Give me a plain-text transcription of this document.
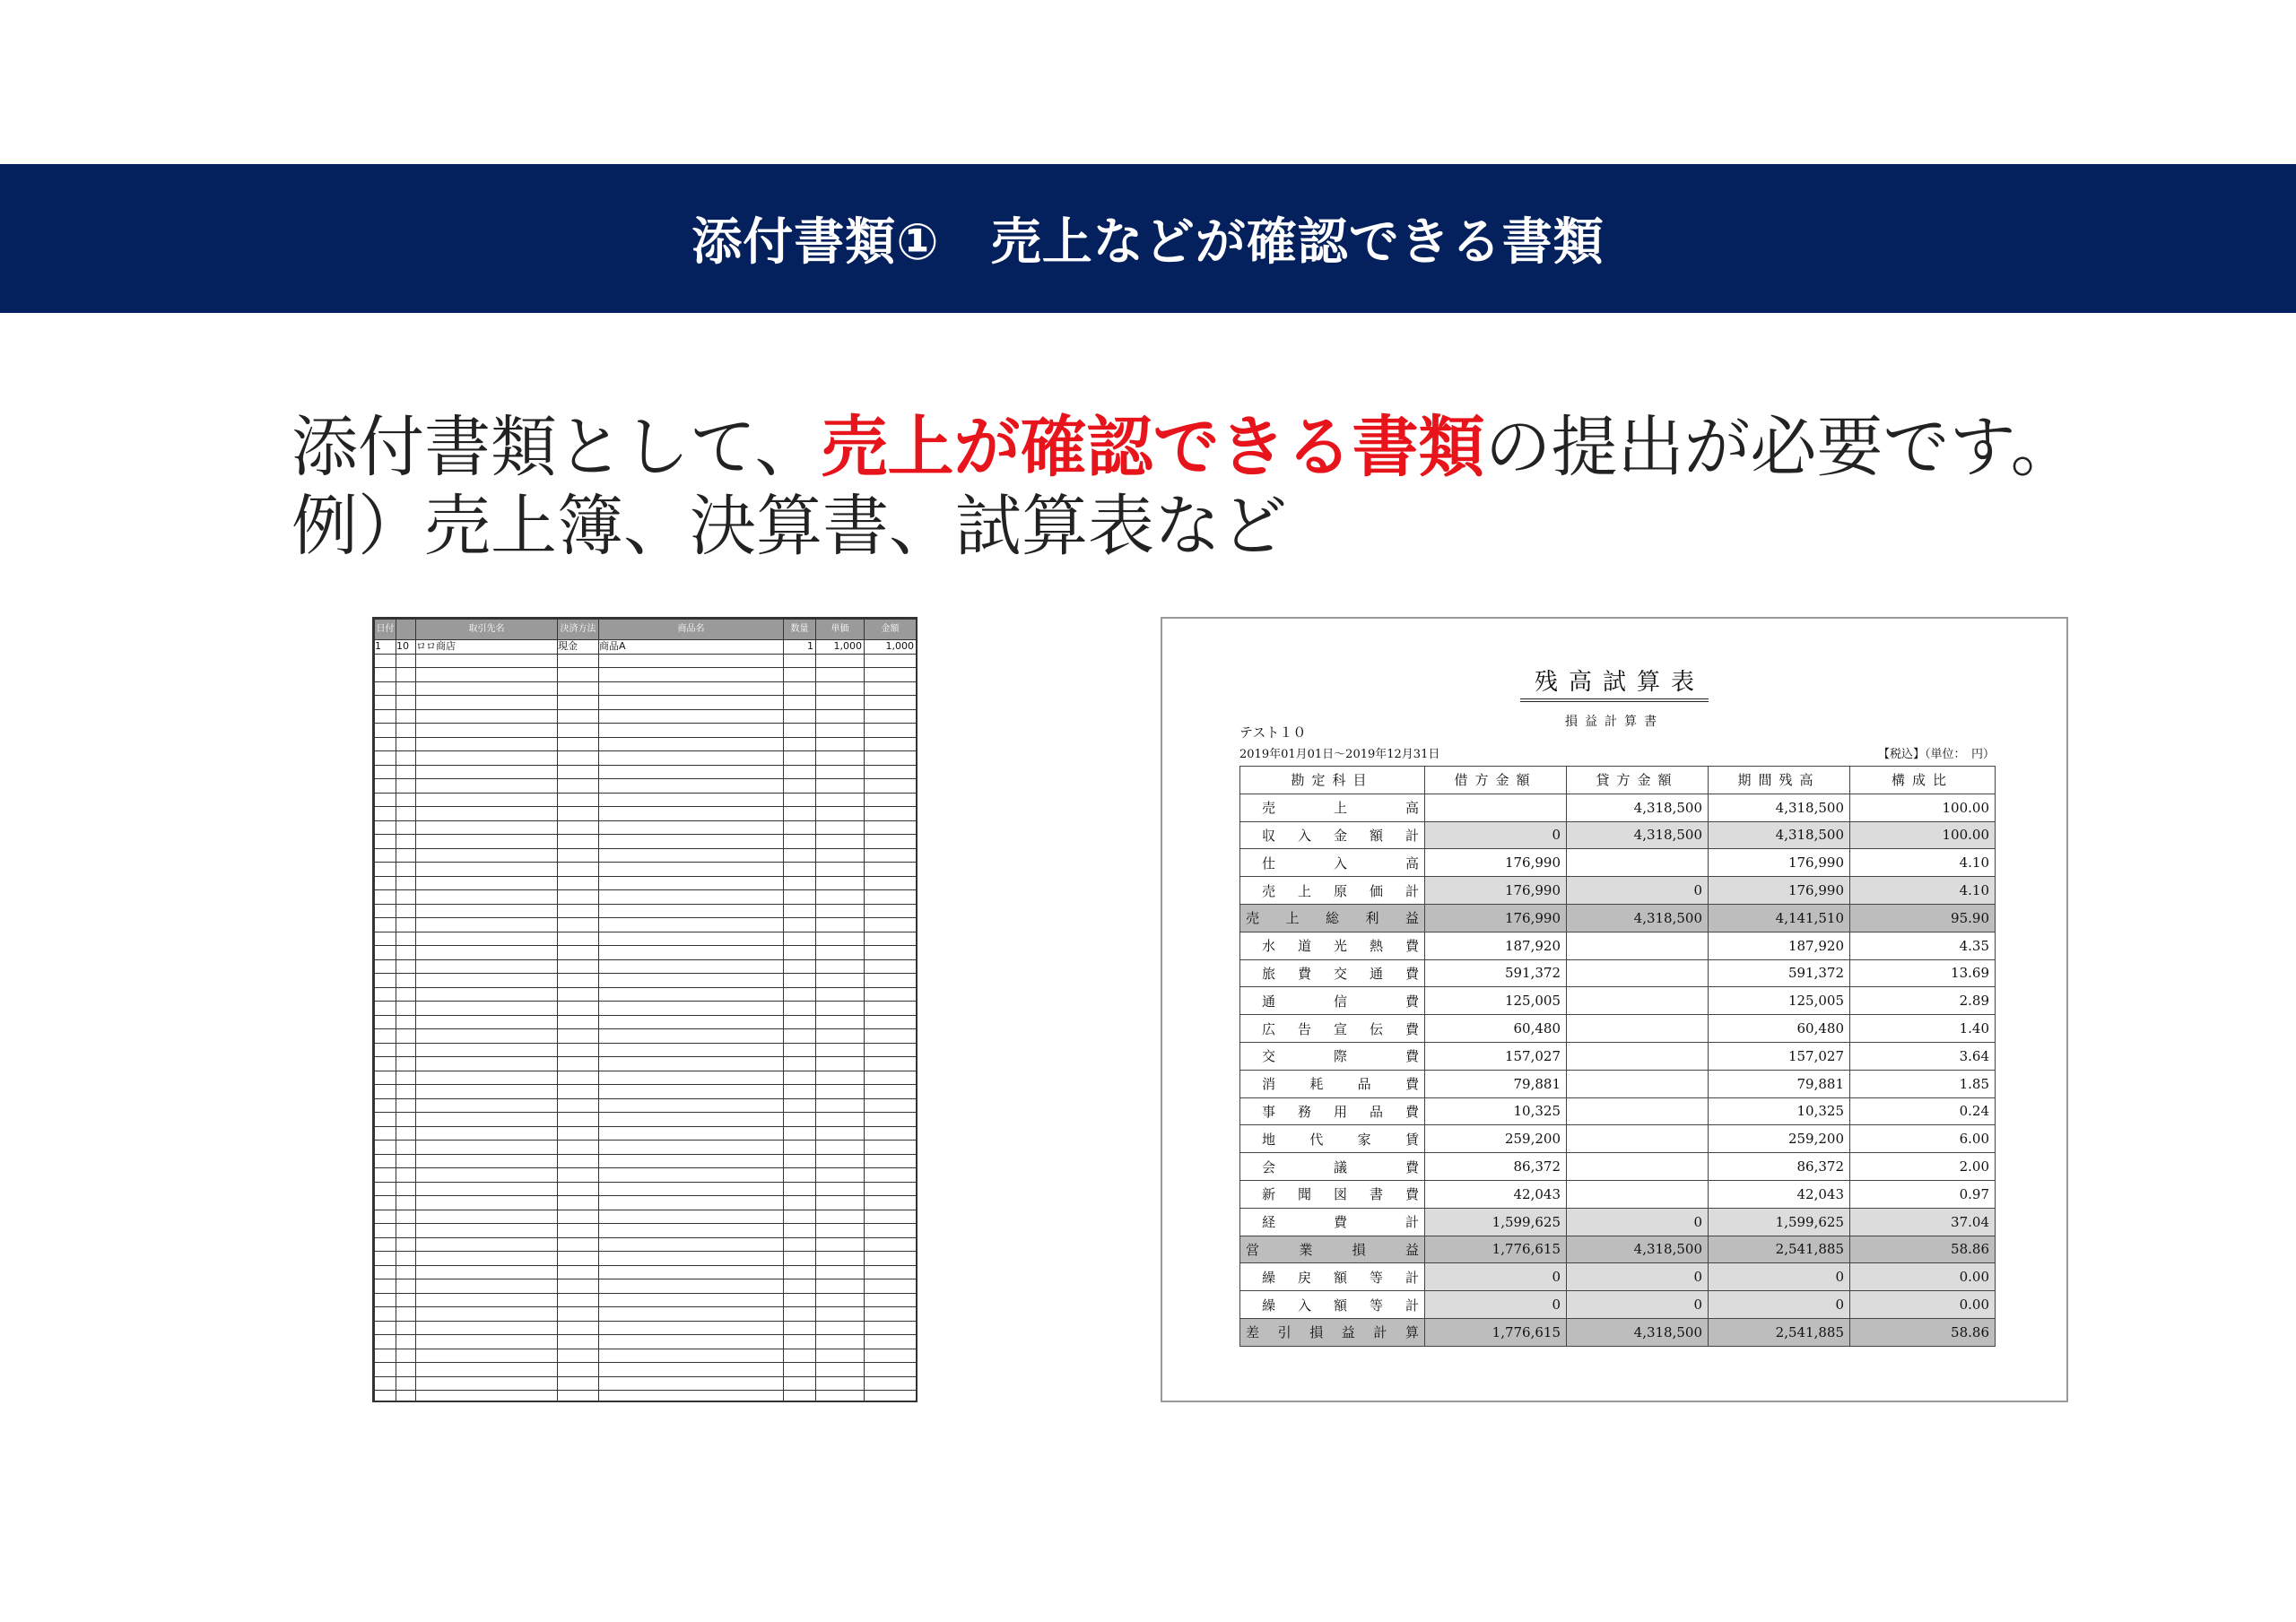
添付書類①　売上などが確認できる書類
添付書類として、売上が確認できる書類の提出が必要です。
例）売上簿、決算書、試算表など
日付		取引先名	決済方法	商品名	数量	単価	金額
1	10	ロロ商店	現金	商品A	1	1,000	1,000

残高試算表
損益計算書
テスト１０
2019年01月01日～2019年12月31日	【税込】（単位：　円）
勘定科目	借方金額	貸方金額	期間残高	構成比
売　　上　　高		4,318,500	4,318,500	100.00
収入金額計	0	4,318,500	4,318,500	100.00
仕　　入　　高	176,990		176,990	4.10
売上原価計	176,990	0	176,990	4.10
売上総利益	176,990	4,318,500	4,141,510	95.90
水道光熱費	187,920		187,920	4.35
旅費交通費	591,372		591,372	13.69
通　　信　　費	125,005		125,005	2.89
広告宣伝費	60,480		60,480	1.40
交　　際　　費	157,027		157,027	3.64
消耗品費	79,881		79,881	1.85
事務用品費	10,325		10,325	0.24
地代家賃	259,200		259,200	6.00
会　　議　　費	86,372		86,372	2.00
新聞図書費	42,043		42,043	0.97
経　　費　　計	1,599,625	0	1,599,625	37.04
営　業　損　益	1,776,615	4,318,500	2,541,885	58.86
繰戻額等計	0	0	0	0.00
繰入額等計	0	0	0	0.00
差引損益計算	1,776,615	4,318,500	2,541,885	58.86
